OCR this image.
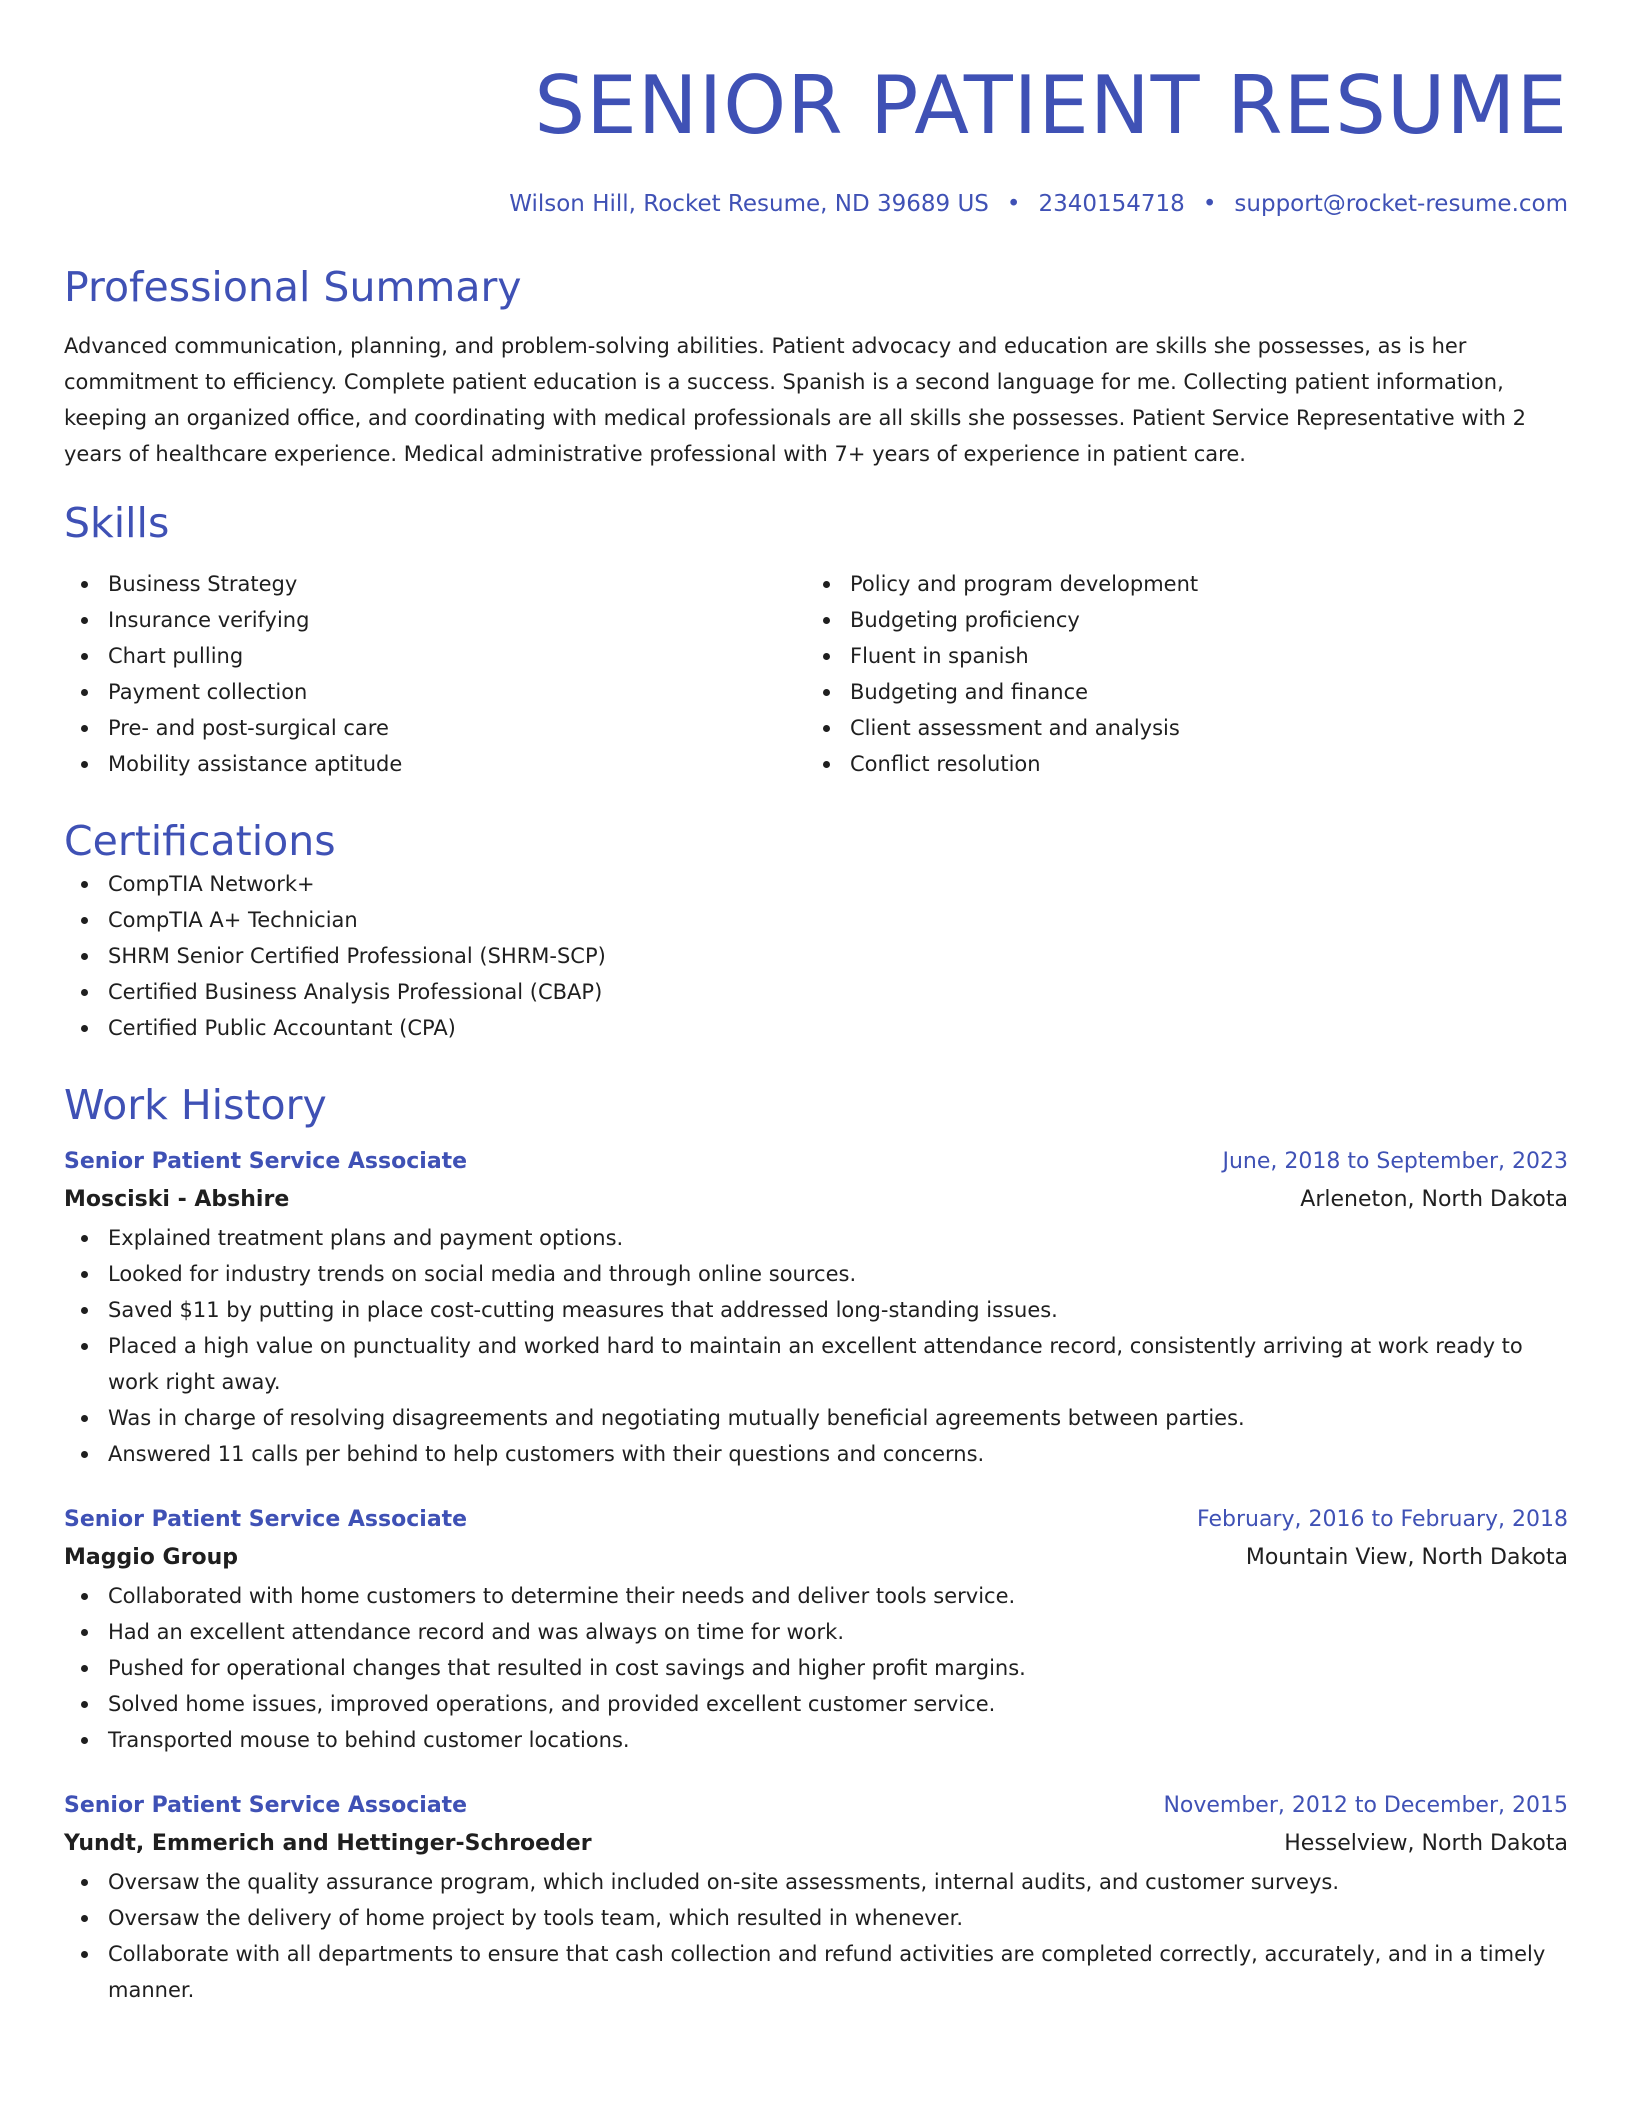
SENIOR PATIENT RESUME
Wilson Hill, Rocket Resume, ND 39689 US • 2340154718 • support@rocket-resume.com
Professional Summary
Advanced communication, planning, and problem-solving abilities. Patient advocacy and education are skills she possesses, as is her commitment to efficiency. Complete patient education is a success. Spanish is a second language for me. Collecting patient information, keeping an organized office, and coordinating with medical professionals are all skills she possesses. Patient Service Representative with 2 years of healthcare experience. Medical administrative professional with 7+ years of experience in patient care.
Skills
Business Strategy
Insurance verifying
Chart pulling
Payment collection
Pre- and post-surgical care
Mobility assistance aptitude
Policy and program development
Budgeting proficiency
Fluent in spanish
Budgeting and finance
Client assessment and analysis
Conflict resolution
Certifications
CompTIA Network+
CompTIA A+ Technician
SHRM Senior Certified Professional (SHRM-SCP)
Certified Business Analysis Professional (CBAP)
Certified Public Accountant (CPA)
Work History
Senior Patient Service Associate	June, 2018 to September, 2023
Mosciski - Abshire	Arleneton, North Dakota
Explained treatment plans and payment options.
Looked for industry trends on social media and through online sources.
Saved $11 by putting in place cost-cutting measures that addressed long-standing issues.
Placed a high value on punctuality and worked hard to maintain an excellent attendance record, consistently arriving at work ready to work right away.
Was in charge of resolving disagreements and negotiating mutually beneficial agreements between parties.
Answered 11 calls per behind to help customers with their questions and concerns.
Senior Patient Service Associate	February, 2016 to February, 2018
Maggio Group	Mountain View, North Dakota
Collaborated with home customers to determine their needs and deliver tools service.
Had an excellent attendance record and was always on time for work.
Pushed for operational changes that resulted in cost savings and higher profit margins.
Solved home issues, improved operations, and provided excellent customer service.
Transported mouse to behind customer locations.
Senior Patient Service Associate	November, 2012 to December, 2015
Yundt, Emmerich and Hettinger-Schroeder	Hesselview, North Dakota
Oversaw the quality assurance program, which included on-site assessments, internal audits, and customer surveys.
Oversaw the delivery of home project by tools team, which resulted in whenever.
Collaborate with all departments to ensure that cash collection and refund activities are completed correctly, accurately, and in a timely manner.
